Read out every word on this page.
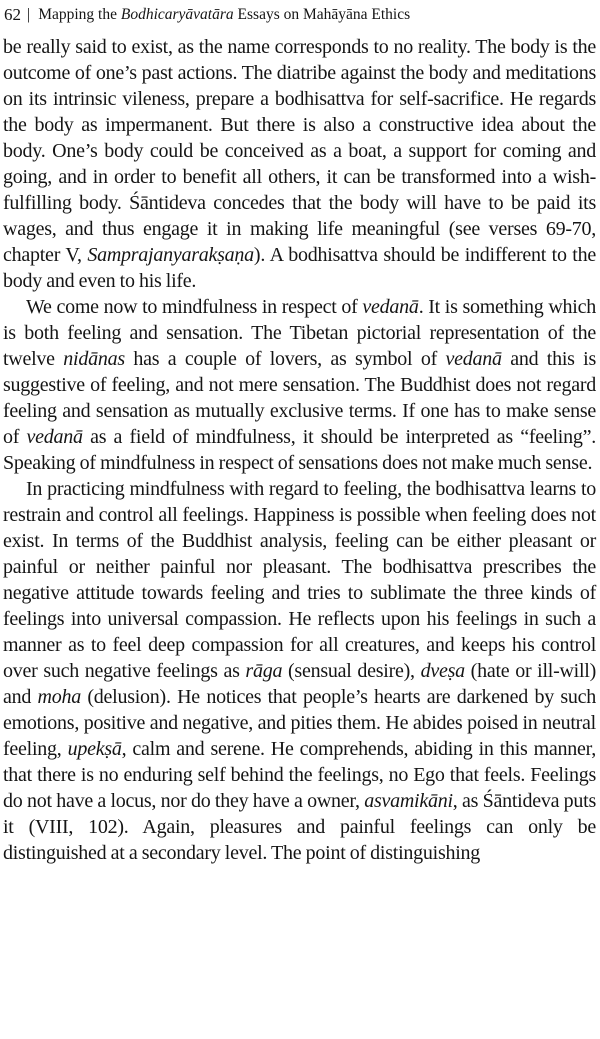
62 | Mapping the Bodhicaryāvatāra Essays on Mahāyāna Ethics

be really said to exist, as the name corresponds to no reality. The body is the outcome of one’s past actions. The diatribe against the body and meditations on its intrinsic vileness, prepare a bodhisattva for self-sacrifice. He regards the body as impermanent. But there is also a constructive idea about the body. One’s body could be conceived as a boat, a support for coming and going, and in order to benefit all others, it can be transformed into a wish-fulfilling body. Śāntideva concedes that the body will have to be paid its wages, and thus engage it in making life meaningful (see verses 69-70, chapter V, Samprajanyarakṣaṇa). A bodhisattva should be indifferent to the body and even to his life.

We come now to mindfulness in respect of vedanā. It is something which is both feeling and sensation. The Tibetan pictorial representation of the twelve nidānas has a couple of lovers, as symbol of vedanā and this is suggestive of feeling, and not mere sensation. The Buddhist does not regard feeling and sensation as mutually exclusive terms. If one has to make sense of vedanā as a field of mindfulness, it should be interpreted as “feeling”. Speaking of mindfulness in respect of sensations does not make much sense.

In practicing mindfulness with regard to feeling, the bodhisattva learns to restrain and control all feelings. Happiness is possible when feeling does not exist. In terms of the Buddhist analysis, feeling can be either pleasant or painful or neither painful nor pleasant. The bodhisattva prescribes the negative attitude towards feeling and tries to sublimate the three kinds of feelings into universal compassion. He reflects upon his feelings in such a manner as to feel deep compassion for all creatures, and keeps his control over such negative feelings as rāga (sensual desire), dveṣa (hate or ill-will) and moha (delusion). He notices that people’s hearts are darkened by such emotions, positive and negative, and pities them. He abides poised in neutral feeling, upekṣā, calm and serene. He comprehends, abiding in this manner, that there is no enduring self behind the feelings, no Ego that feels. Feelings do not have a locus, nor do they have a owner, asvamikāni, as Śāntideva puts it (VIII, 102). Again, pleasures and painful feelings can only be distinguished at a secondary level. The point of distinguishing
